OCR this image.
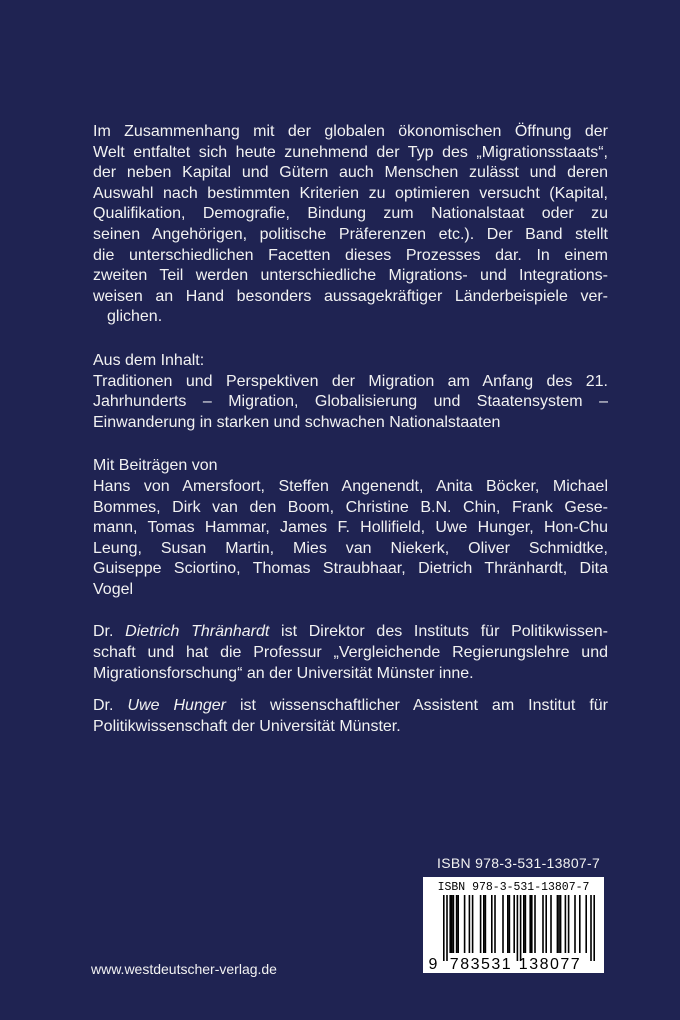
Im Zusammenhang mit der globalen ökonomischen Öffnung der
Welt entfaltet sich heute zunehmend der Typ des „Migrationsstaats“,
der neben Kapital und Gütern auch Menschen zulässt und deren
Auswahl nach bestimmten Kriterien zu optimieren versucht (Kapital,
Qualifikation, Demografie, Bindung zum Nationalstaat oder zu
seinen Angehörigen, politische Präferenzen etc.). Der Band stellt
die unterschiedlichen Facetten dieses Prozesses dar. In einem
zweiten Teil werden unterschiedliche Migrations- und Integrations-
weisen an Hand besonders aussagekräftiger Länderbeispiele ver-
glichen.
Aus dem Inhalt:
Traditionen und Perspektiven der Migration am Anfang des 21.
Jahrhunderts – Migration, Globalisierung und Staatensystem –
Einwanderung in starken und schwachen Nationalstaaten
Mit Beiträgen von
Hans von Amersfoort, Steffen Angenendt, Anita Böcker, Michael
Bommes, Dirk van den Boom, Christine B.N. Chin, Frank Gese-
mann, Tomas Hammar, James F. Hollifield, Uwe Hunger, Hon-Chu
Leung, Susan Martin, Mies van Niekerk, Oliver Schmidtke,
Guiseppe Sciortino, Thomas Straubhaar, Dietrich Thränhardt, Dita
Vogel
Dr. Dietrich Thränhardt ist Direktor des Instituts für Politikwissen-
schaft und hat die Professur „Vergleichende Regierungslehre und
Migrationsforschung“ an der Universität Münster inne.
Dr. Uwe Hunger ist wissenschaftlicher Assistent am Institut für
Politikwissenschaft der Universität Münster.
ISBN 978-3-531-13807-7
ISBN 978-3-531-13807-7
9 783531 138077
www.westdeutscher-verlag.de
